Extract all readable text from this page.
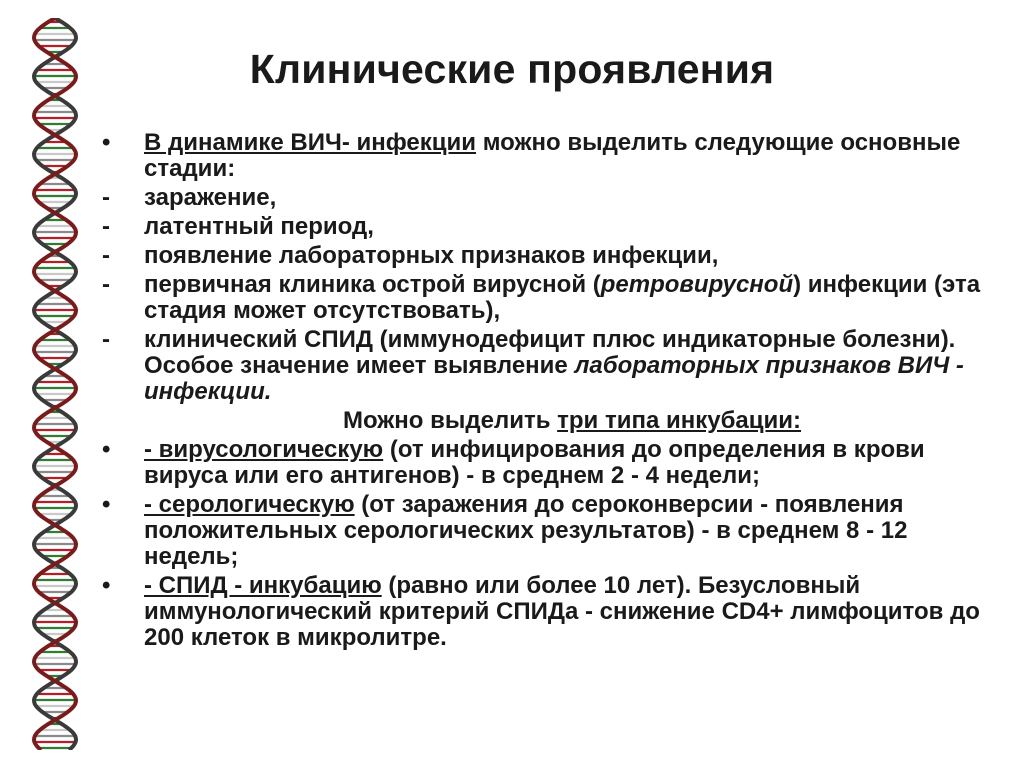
Клинические проявления
• В динамике ВИЧ- инфекции можно выделить следующие основные стадии:
- заражение,
- латентный период,
- появление лабораторных признаков инфекции,
- первичная клиника острой вирусной (ретровирусной) инфекции (эта стадия может отсутствовать),
- клинический СПИД (иммунодефицит плюс индикаторные болезни). Особое значение имеет выявление лабораторных признаков ВИЧ - инфекции.
Можно выделить три типа инкубации:
• - вирусологическую (от инфицирования до определения в крови вируса или его антигенов) - в среднем 2 - 4 недели;
• - серологическую (от заражения до сероконверсии - появления положительных серологических результатов) - в среднем 8 - 12 недель;
• - СПИД - инкубацию (равно или более 10 лет). Безусловный иммунологический критерий СПИДа - снижение CD4+ лимфоцитов до 200 клеток в микролитре.
